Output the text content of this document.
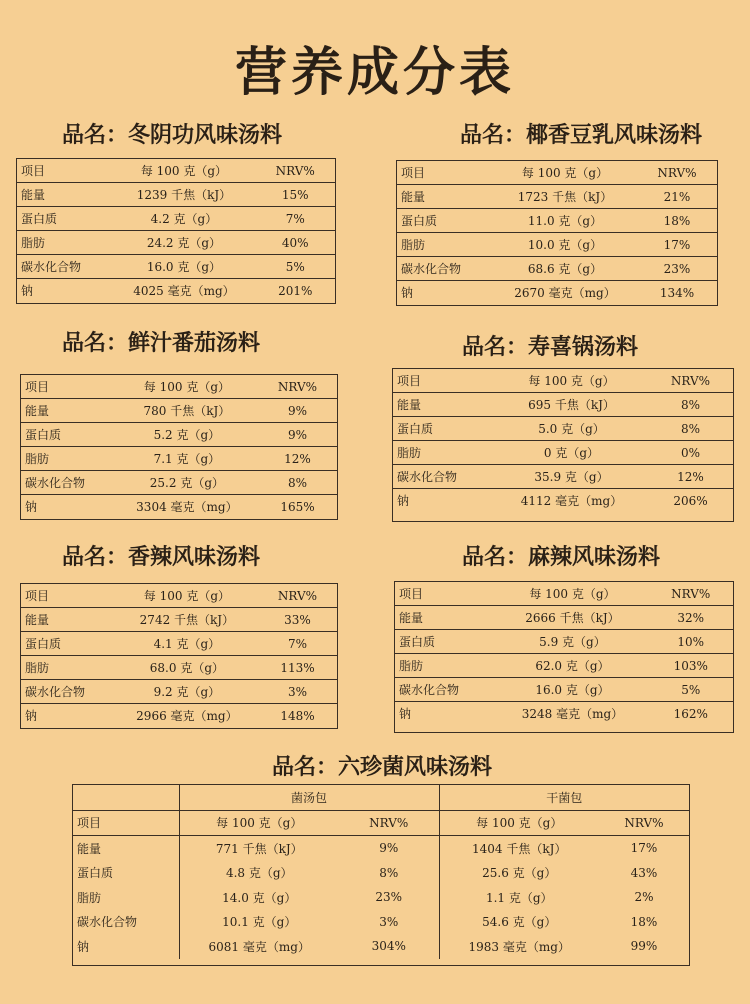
营养成分表
品名：冬阴功风味汤料	品名：椰香豆乳风味汤料
品名：鲜汁番茄汤料	品名：寿喜锅汤料
品名：香辣风味汤料	品名：麻辣风味汤料
品名：六珍菌风味汤料
项目	每 100 克（g）	NRV%
能量	1239 千焦（kJ）	15%
蛋白质	4.2 克（g）	7%
脂肪	24.2 克（g）	40%
碳水化合物	16.0 克（g）	5%
钠	4025 毫克（mg）	201%
项目	每 100 克（g）	NRV%
能量	1723 千焦（kJ）	21%
蛋白质	11.0 克（g）	18%
脂肪	10.0 克（g）	17%
碳水化合物	68.6 克（g）	23%
钠	2670 毫克（mg）	134%
项目	每 100 克（g）	NRV%
能量	780 千焦（kJ）	9%
蛋白质	5.2 克（g）	9%
脂肪	7.1 克（g）	12%
碳水化合物	25.2 克（g）	8%
钠	3304 毫克（mg）	165%
项目	每 100 克（g）	NRV%
能量	695 千焦（kJ）	8%
蛋白质	5.0 克（g）	8%
脂肪	0 克（g）	0%
碳水化合物	35.9 克（g）	12%
钠	4112 毫克（mg）	206%
项目	每 100 克（g）	NRV%
能量	2742 千焦（kJ）	33%
蛋白质	4.1 克（g）	7%
脂肪	68.0 克（g）	113%
碳水化合物	9.2 克（g）	3%
钠	2966 毫克（mg）	148%
项目	每 100 克（g）	NRV%
能量	2666 千焦（kJ）	32%
蛋白质	5.9 克（g）	10%
脂肪	62.0 克（g）	103%
碳水化合物	16.0 克（g）	5%
钠	3248 毫克（mg）	162%
	菌汤包		干菌包	
项目	每 100 克（g）	NRV%	每 100 克（g）	NRV%
能量	771 千焦（kJ）	9%	1404 千焦（kJ）	17%
蛋白质	4.8 克（g）	8%	25.6 克（g）	43%
脂肪	14.0 克（g）	23%	1.1 克（g）	2%
碳水化合物	10.1 克（g）	3%	54.6 克（g）	18%
钠	6081 毫克（mg）	304%	1983 毫克（mg）	99%
